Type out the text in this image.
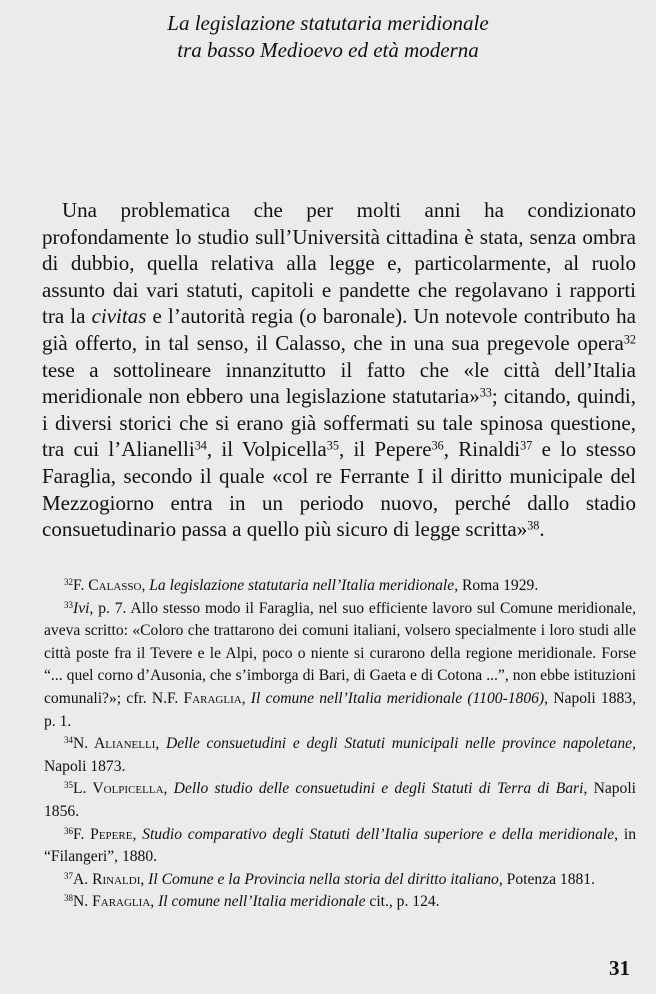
La legislazione statutaria meridionale
tra basso Medioevo ed età moderna
Una problematica che per molti anni ha condizionato profondamente lo studio sull’Università cittadina è stata, senza ombra di dubbio, quella relativa alla legge e, particolarmente, al ruolo assunto dai vari statuti, capitoli e pandette che regolavano i rapporti tra la civitas e l’autorità regia (o baronale). Un notevole contributo ha già offerto, in tal senso, il Calasso, che in una sua pregevole opera$^{32}$ tese a sottolineare innanzitutto il fatto che «le città dell’Italia meridionale non ebbero una legislazione statutaria»$^{33}$; citando, quindi, i diversi storici che si erano già soffermati su tale spinosa questione, tra cui l’Alianelli$^{34}$, il Volpicella$^{35}$, il Pepere$^{36}$, Rinaldi$^{37}$ e lo stesso Faraglia, secondo il quale «col re Ferrante I il diritto municipale del Mezzogiorno entra in un periodo nuovo, perché dallo stadio consuetudinario passa a quello più sicuro di legge scritta»$^{38}$.

$^{32}$F. Calasso, La legislazione statutaria nell’Italia meridionale, Roma 1929.

$^{33}$Ivi, p. 7. Allo stesso modo il Faraglia, nel suo efficiente lavoro sul Comune meridionale, aveva scritto: «Coloro che trattarono dei comuni italiani, volsero specialmente i loro studi alle città poste fra il Tevere e le Alpi, poco o niente si curarono della regione meridionale. Forse “... quel corno d’Ausonia, che s’imborga di Bari, di Gaeta e di Cotona ...”, non ebbe istituzioni comunali?»; cfr. N.F. Faraglia, Il comune nell’Italia meridionale (1100-1806), Napoli 1883, p. 1.

$^{34}$N. Alianelli, Delle consuetudini e degli Statuti municipali nelle province napoletane, Napoli 1873.

$^{35}$L. Volpicella, Dello studio delle consuetudini e degli Statuti di Terra di Bari, Napoli 1856.

$^{36}$F. Pepere, Studio comparativo degli Statuti dell’Italia superiore e della meridionale, in “Filangeri”, 1880.

$^{37}$A. Rinaldi, Il Comune e la Provincia nella storia del diritto italiano, Potenza 1881.

$^{38}$N. Faraglia, Il comune nell’Italia meridionale cit., p. 124.

31
